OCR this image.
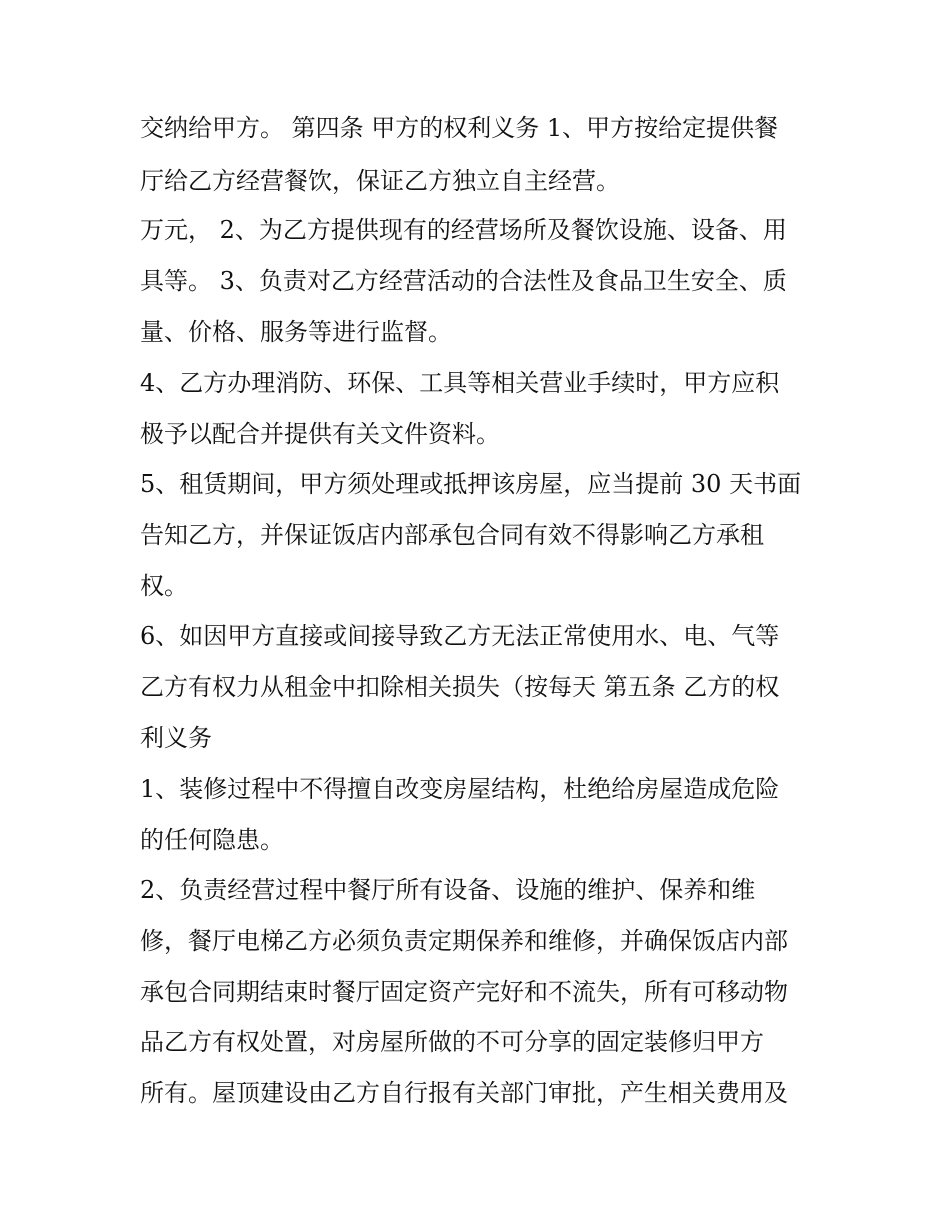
交纳给甲方。 第四条 甲方的权利义务 1、甲方按给定提供餐
厅给乙方经营餐饮，保证乙方独立自主经营。
万元， 2、为乙方提供现有的经营场所及餐饮设施、设备、用
具等。 3、负责对乙方经营活动的合法性及食品卫生安全、质
量、价格、服务等进行监督。
4、乙方办理消防、环保、工具等相关营业手续时，甲方应积
极予以配合并提供有关文件资料。
5、租赁期间，甲方须处理或抵押该房屋，应当提前 30 天书面
告知乙方，并保证饭店内部承包合同有效不得影响乙方承租
权。
6、如因甲方直接或间接导致乙方无法正常使用水、电、气等
乙方有权力从租金中扣除相关损失（按每天 第五条 乙方的权
利义务
1、装修过程中不得擅自改变房屋结构，杜绝给房屋造成危险
的任何隐患。
2、负责经营过程中餐厅所有设备、设施的维护、保养和维
修，餐厅电梯乙方必须负责定期保养和维修，并确保饭店内部
承包合同期结束时餐厅固定资产完好和不流失，所有可移动物
品乙方有权处置，对房屋所做的不可分享的固定装修归甲方
所有。屋顶建设由乙方自行报有关部门审批，产生相关费用及
